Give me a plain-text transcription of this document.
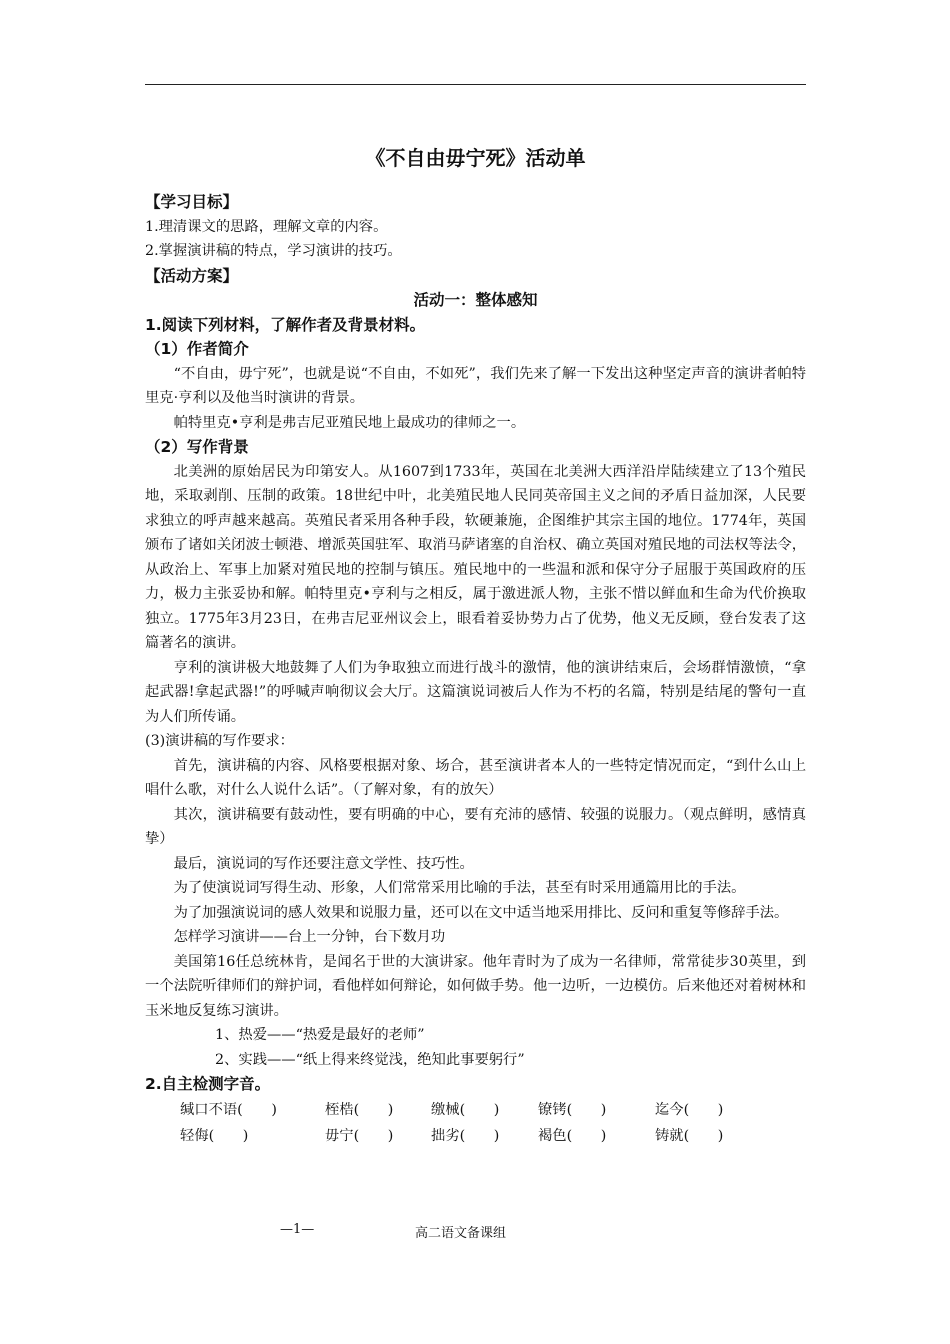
《不自由毋宁死》活动单
【学习目标】

1.理清课文的思路，理解文章的内容。

2.掌握演讲稿的特点，学习演讲的技巧。

【活动方案】
活动一：整体感知
1.阅读下列材料，了解作者及背景材料。
（1）作者简介

“不自由，毋宁死”，也就是说“不自由，不如死”，我们先来了解一下发出这种坚定声音的演讲者帕特里克·亨利以及他当时演讲的背景。

帕特里克•亨利是弗吉尼亚殖民地上最成功的律师之一。

（2）写作背景

北美洲的原始居民为印第安人。从1607到1733年，英国在北美洲大西洋沿岸陆续建立了13个殖民地，采取剥削、压制的政策。18世纪中叶，北美殖民地人民同英帝国主义之间的矛盾日益加深，人民要求独立的呼声越来越高。英殖民者采用各种手段，软硬兼施，企图维护其宗主国的地位。1774年，英国颁布了诸如关闭波士顿港、增派英国驻军、取消马萨诸塞的自治权、确立英国对殖民地的司法权等法令，从政治上、军事上加紧对殖民地的控制与镇压。殖民地中的一些温和派和保守分子屈服于英国政府的压力，极力主张妥协和解。帕特里克•亨利与之相反，属于激进派人物，主张不惜以鲜血和生命为代价换取独立。1775年3月23日，在弗吉尼亚州议会上，眼看着妥协势力占了优势，他义无反顾，登台发表了这篇著名的演讲。

亨利的演讲极大地鼓舞了人们为争取独立而进行战斗的激情，他的演讲结束后，会场群情激愤，“拿起武器!拿起武器!”的呼喊声响彻议会大厅。这篇演说词被后人作为不朽的名篇，特别是结尾的警句一直为人们所传诵。

(3)演讲稿的写作要求：

首先，演讲稿的内容、风格要根据对象、场合，甚至演讲者本人的一些特定情况而定，“到什么山上唱什么歌，对什么人说什么话”。（了解对象，有的放矢）

其次，演讲稿要有鼓动性，要有明确的中心，要有充沛的感情、较强的说服力。（观点鲜明，感情真挚）

最后，演说词的写作还要注意文学性、技巧性。

为了使演说词写得生动、形象，人们常常采用比喻的手法，甚至有时采用通篇用比的手法。

为了加强演说词的感人效果和说服力量，还可以在文中适当地采用排比、反问和重复等修辞手法。

怎样学习演讲——台上一分钟，台下数月功

美国第16任总统林肯，是闻名于世的大演讲家。他年青时为了成为一名律师，常常徒步30英里，到一个法院听律师们的辩护词，看他样如何辩论，如何做手势。他一边听，一边模仿。后来他还对着树林和玉米地反复练习演讲。

1、热爱——“热爱是最好的老师”

2、实践——“纸上得来终觉浅，绝知此事要躬行”

2.自主检测字音。
缄口不语(　　)	桎梏(　　)	缴械(　　)	镣铐(　　)	迄今(　　)
轻侮(　　)	毋宁(　　)	拙劣(　　)	褐色(　　)	铸就(　　)
—1—	高二语文备课组
